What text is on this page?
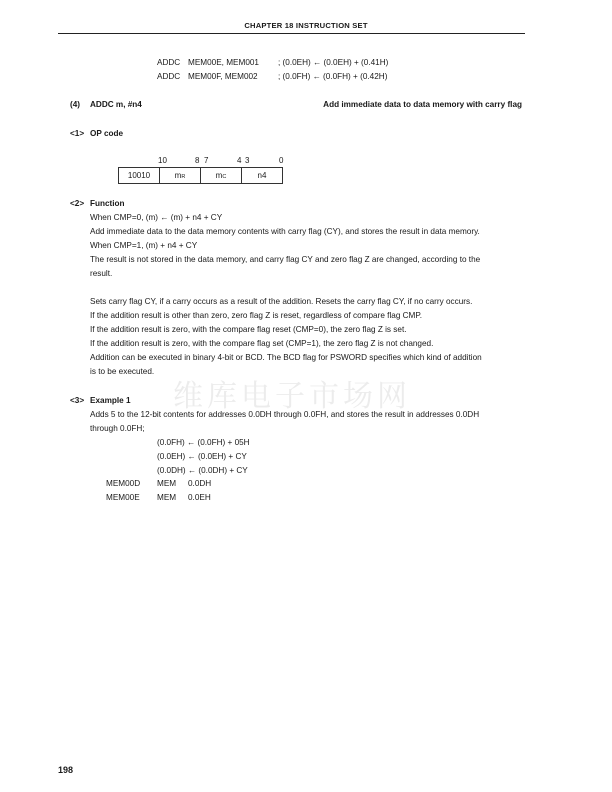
CHAPTER 18 INSTRUCTION SET
ADDC MEM00E, MEM001 ; (0.0EH) ← (0.0EH) + (0.41H)
ADDC MEM00F, MEM002 ; (0.0FH) ← (0.0FH) + (0.42H)
(4) ADDC m, #n4	Add immediate data to data memory with carry flag
<1> OP code
10	8 7	4 3	0
10010	mR	mC	n4
<2> Function
When CMP=0, (m) ← (m) + n4 + CY
Add immediate data to the data memory contents with carry flag (CY), and stores the result in data memory.
When CMP=1, (m) + n4 + CY
The result is not stored in the data memory, and carry flag CY and zero flag Z are changed, according to the
result.
Sets carry flag CY, if a carry occurs as a result of the addition. Resets the carry flag CY, if no carry occurs.
If the addition result is other than zero, zero flag Z is reset, regardless of compare flag CMP.
If the addition result is zero, with the compare flag reset (CMP=0), the zero flag Z is set.
If the addition result is zero, with the compare flag set (CMP=1), the zero flag Z is not changed.
Addition can be executed in binary 4-bit or BCD. The BCD flag for PSWORD specifies which kind of addition
is to be executed.
维库电子市场网
<3> Example 1
Adds 5 to the 12-bit contents for addresses 0.0DH through 0.0FH, and stores the result in addresses 0.0DH
through 0.0FH;
(0.0FH) ← (0.0FH) + 05H
(0.0EH) ← (0.0EH) + CY
(0.0DH) ← (0.0DH) + CY
MEM00D MEM 0.0DH
MEM00E MEM 0.0EH
198
